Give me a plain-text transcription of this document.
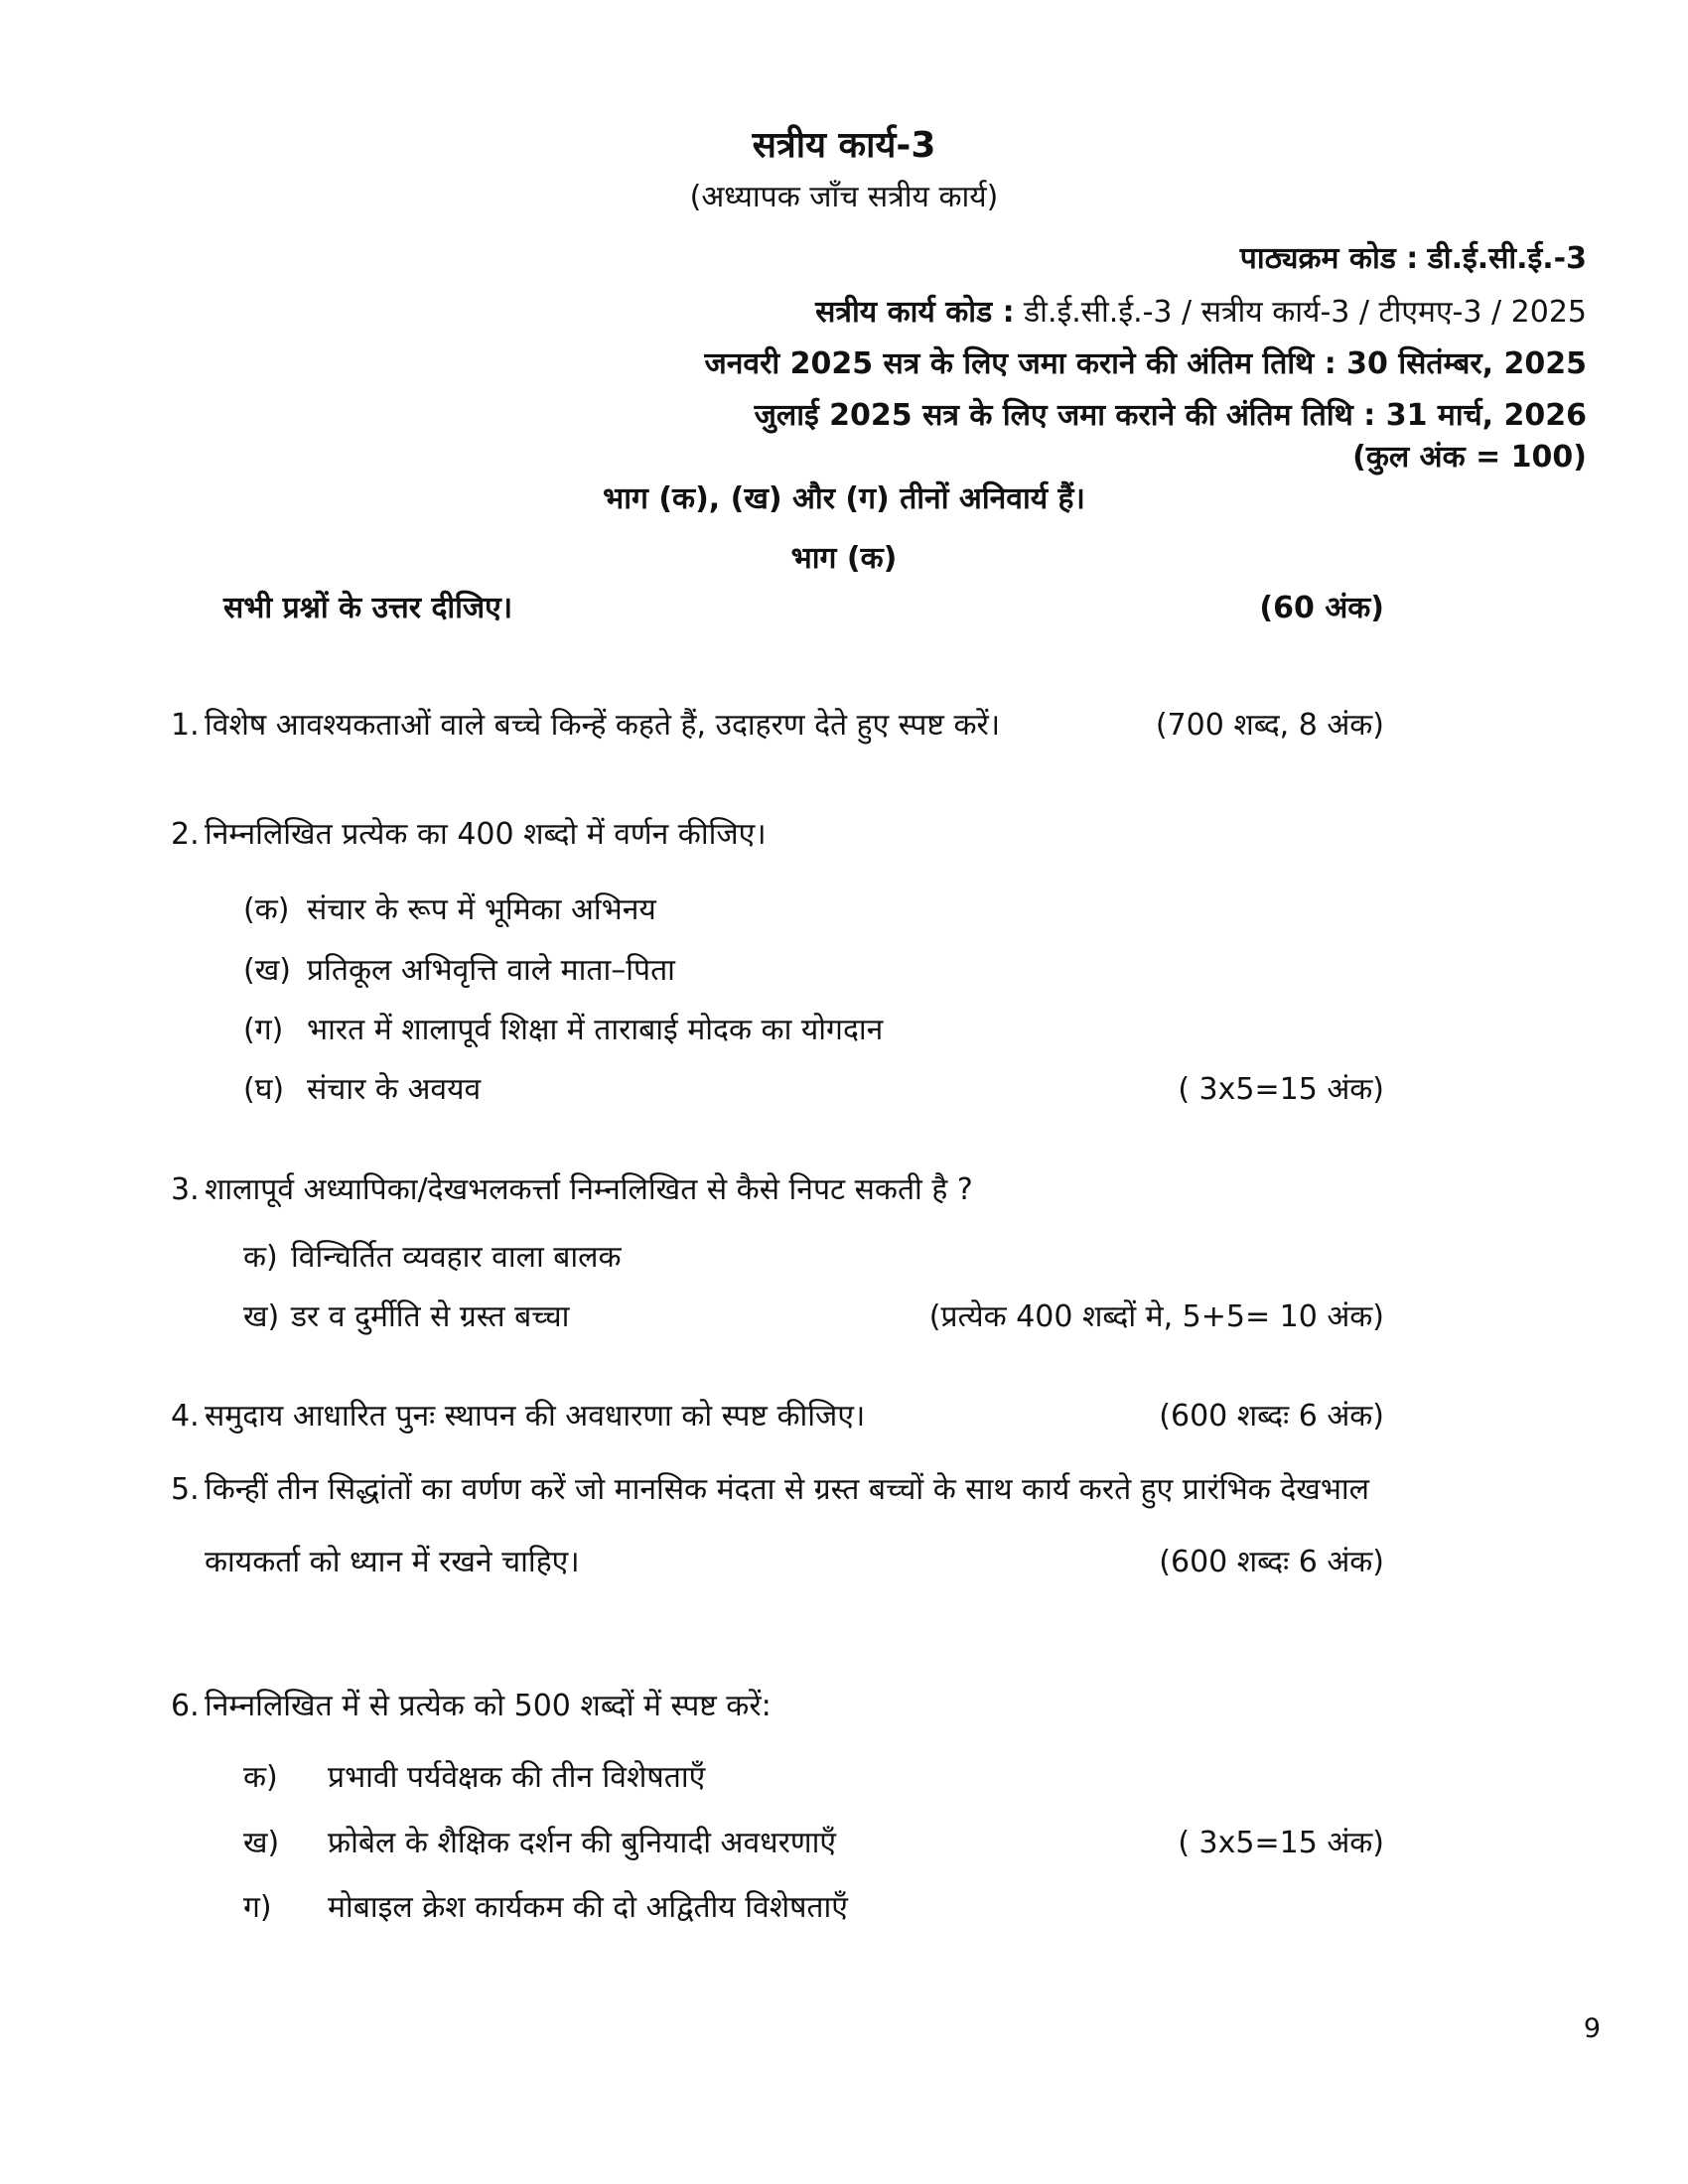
सत्रीय कार्य-3
(अध्यापक जाँच सत्रीय कार्य)
पाठ्यक्रम कोड : डी.ई.सी.ई.-3
सत्रीय कार्य कोड : डी.ई.सी.ई.-3 / सत्रीय कार्य-3 / टीएमए-3 / 2025
जनवरी 2025 सत्र के लिए जमा कराने की अंतिम तिथि : 30 सितंम्बर, 2025
जुलाई 2025 सत्र के लिए जमा कराने की अंतिम तिथि : 31 मार्च, 2026
(कुल अंक = 100)
भाग (क), (ख) और (ग) तीनों अनिवार्य हैं।
भाग (क)
सभी प्रश्नों के उत्तर दीजिए।	(60 अंक)
1. विशेष आवश्यकताओं वाले बच्चे किन्हें कहते हैं, उदाहरण देते हुए स्पष्ट करें।	(700 शब्द, 8 अंक)
2. निम्नलिखित प्रत्येक का 400 शब्दो में वर्णन कीजिए।
(क) संचार के रूप में भूमिका अभिनय
(ख) प्रतिकूल अभिवृत्ति वाले माता–पिता
(ग) भारत में शालापूर्व शिक्षा में ताराबाई मोदक का योगदान
(घ) संचार के अवयव	( 3x5=15 अंक)
3. शालापूर्व अध्यापिका/देखभलकर्त्ता निम्नलिखित से कैसे निपट सकती है ?
क) विन्चिर्तित व्यवहार वाला बालक
ख) डर व दुर्मीति से ग्रस्त बच्चा	(प्रत्येक 400 शब्दों मे, 5+5= 10 अंक)
4. समुदाय आधारित पुनः स्थापन की अवधारणा को स्पष्ट कीजिए।	(600 शब्दः 6 अंक)
5. किन्हीं तीन सिद्धांतों का वर्णण करें जो मानसिक मंदता से ग्रस्त बच्चों के साथ कार्य करते हुए प्रारंभिक देखभाल
कायकर्ता को ध्यान में रखने चाहिए।	(600 शब्दः 6 अंक)
6. निम्नलिखित में से प्रत्येक को 500 शब्दों में स्पष्ट करें:
क)	प्रभावी पर्यवेक्षक की तीन विशेषताएँ
ख)	फ्रोबेल के शैक्षिक दर्शन की बुनियादी अवधरणाएँ	( 3x5=15 अंक)
ग)	मोबाइल क्रेश कार्यकम की दो अद्वितीय विशेषताएँ
9
